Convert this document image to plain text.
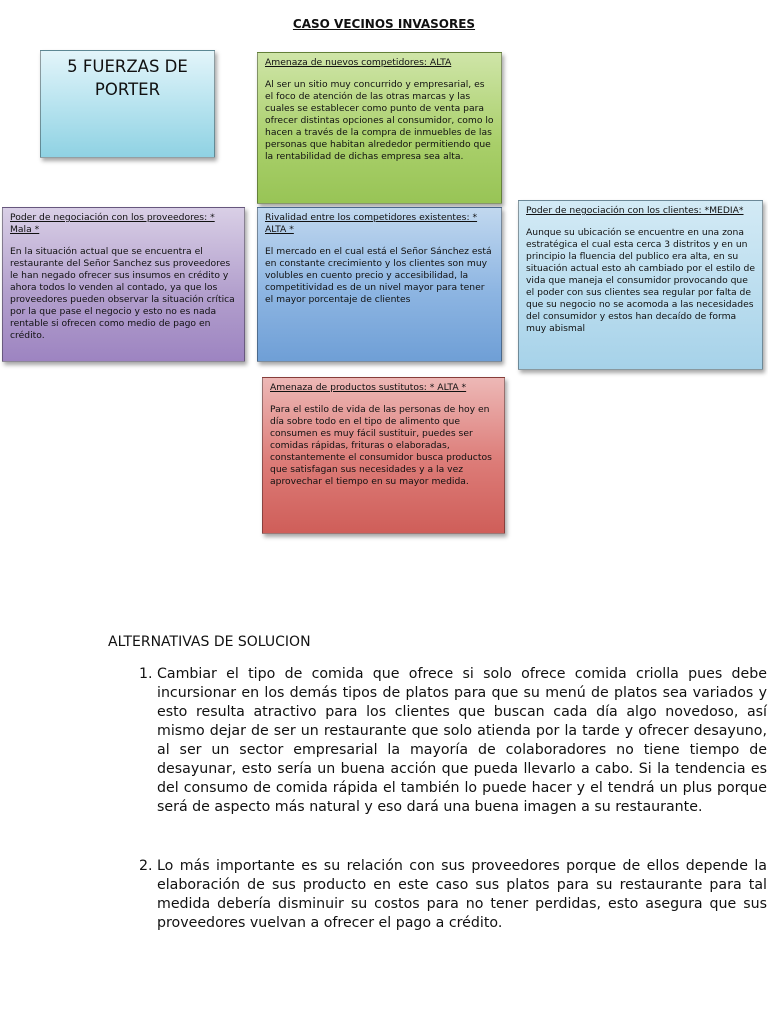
CASO VECINOS INVASORES
5 FUERZAS DE PORTER
Amenaza de nuevos competidores: ALTA

Al ser un sitio muy concurrido y empresarial, es el foco de atención de las otras marcas y las cuales se establecer como punto de venta para ofrecer distintas opciones al consumidor, como lo hacen a través de la compra de inmuebles de las personas que habitan alrededor permitiendo que la rentabilidad de dichas empresa sea alta.

Poder de negociación con los proveedores: * Mala *

En la situación actual que se encuentra el restaurante del Señor Sanchez sus proveedores le han negado ofrecer sus insumos en crédito y ahora todos lo venden al contado, ya que los proveedores pueden observar la situación crítica por la que pase el negocio y esto no es nada rentable si ofrecen como medio de pago en crédito.

Rivalidad entre los competidores existentes: * ALTA *

El mercado en el cual está el Señor Sánchez está en constante crecimiento y los clientes son muy volubles en cuento precio y accesibilidad, la competitividad es de un nivel mayor para tener el mayor porcentaje de clientes

Poder de negociación con los clientes: *MEDIA*

Aunque su ubicación se encuentre en una zona estratégica el cual esta cerca 3 distritos y en un principio la fluencia del publico era alta, en su situación actual esto ah cambiado por el estilo de vida que maneja el consumidor provocando que el poder con sus clientes sea regular por falta de que su negocio no se acomoda a las necesidades del consumidor y estos han decaído de forma muy abismal

Amenaza de productos sustitutos: * ALTA *

Para el estilo de vida de las personas de hoy en día sobre todo en el tipo de alimento que consumen es muy fácil sustituir, puedes ser comidas rápidas, frituras o elaboradas, constantemente el consumidor busca productos que satisfagan sus necesidades y a la vez aprovechar el tiempo en su mayor medida.

ALTERNATIVAS DE SOLUCION
1. Cambiar el tipo de comida que ofrece si solo ofrece comida criolla pues debe incursionar en los demás tipos de platos para que su menú de platos sea variados y esto resulta atractivo para los clientes que buscan cada día algo novedoso, así mismo dejar de ser un restaurante que solo atienda por la tarde y ofrecer desayuno, al ser un sector empresarial la mayoría de colaboradores no tiene tiempo de desayunar, esto sería un buena acción que pueda llevarlo a cabo. Si la tendencia es del consumo de comida rápida el también lo puede hacer y el tendrá un plus porque será de aspecto más natural y eso dará una buena imagen a su restaurante.
2. Lo más importante es su relación con sus proveedores porque de ellos depende la elaboración de sus producto en este caso sus platos para su restaurante para tal medida debería disminuir su costos para no tener perdidas, esto asegura que sus proveedores vuelvan a ofrecer el pago a crédito.
